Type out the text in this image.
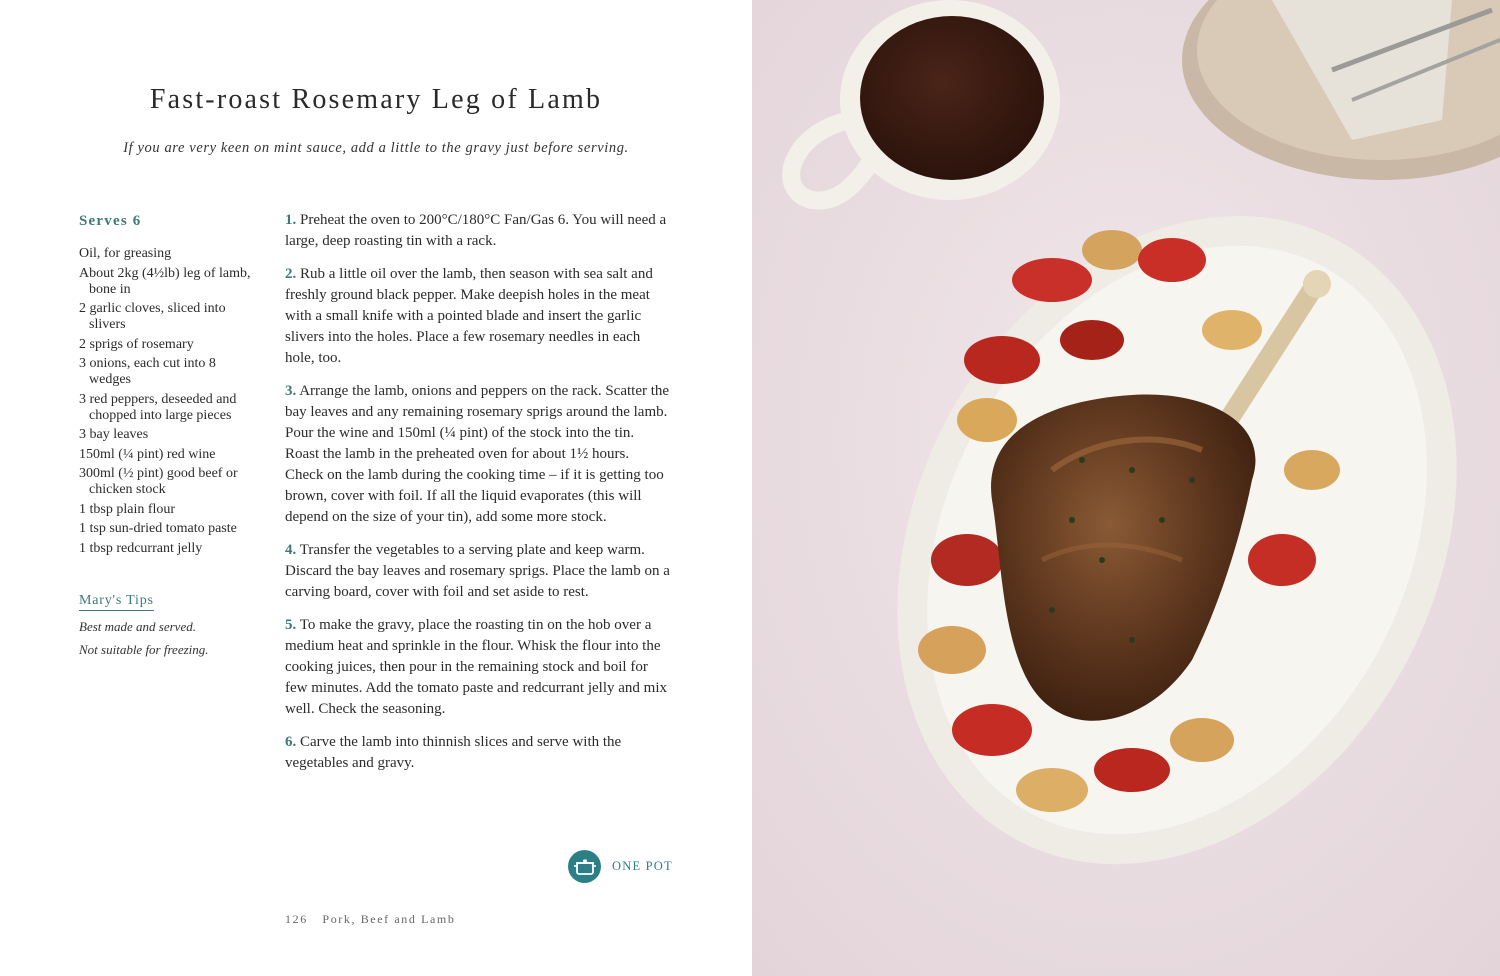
Fast-roast Rosemary Leg of Lamb
If you are very keen on mint sauce, add a little to the gravy just before serving.
Serves 6
Oil, for greasing
About 2kg (4½lb) leg of lamb, bone in
2 garlic cloves, sliced into slivers
2 sprigs of rosemary
3 onions, each cut into 8 wedges
3 red peppers, deseeded and chopped into large pieces
3 bay leaves
150ml (¼ pint) red wine
300ml (½ pint) good beef or chicken stock
1 tbsp plain flour
1 tsp sun-dried tomato paste
1 tbsp redcurrant jelly
Mary's Tips
Best made and served.
Not suitable for freezing.

1. Preheat the oven to 200°C/180°C Fan/Gas 6. You will need a large, deep roasting tin with a rack.

2. Rub a little oil over the lamb, then season with sea salt and freshly ground black pepper. Make deepish holes in the meat with a small knife with a pointed blade and insert the garlic slivers into the holes. Place a few rosemary needles in each hole, too.

3. Arrange the lamb, onions and peppers on the rack. Scatter the bay leaves and any remaining rosemary sprigs around the lamb. Pour the wine and 150ml (¼ pint) of the stock into the tin. Roast the lamb in the preheated oven for about 1½ hours. Check on the lamb during the cooking time – if it is getting too brown, cover with foil. If all the liquid evaporates (this will depend on the size of your tin), add some more stock.

4. Transfer the vegetables to a serving plate and keep warm. Discard the bay leaves and rosemary sprigs. Place the lamb on a carving board, cover with foil and set aside to rest.

5. To make the gravy, place the roasting tin on the hob over a medium heat and sprinkle in the flour. Whisk the flour into the cooking juices, then pour in the remaining stock and boil for few minutes. Add the tomato paste and redcurrant jelly and mix well. Check the seasoning.

6. Carve the lamb into thinnish slices and serve with the vegetables and gravy.

ONE POT
126 Pork, Beef and Lamb
